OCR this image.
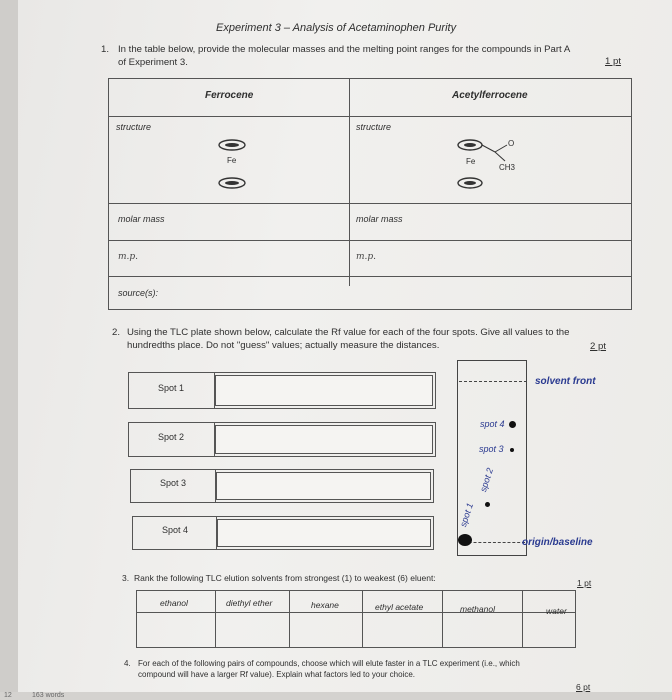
Experiment 3 – Analysis of Acetaminophen Purity
1. In the table below, provide the molecular masses and the melting point ranges for the compounds in Part A
of Experiment 3.	1 pt
Ferrocene	Acetylferrocene
structure	structure
Fe
O
Fe
CH3
molar mass	molar mass
m.p.	m.p.
source(s):
2. Using the TLC plate shown below, calculate the Rf value for each of the four spots. Give all values to the
hundredths place. Do not "guess" values; actually measure the distances.	2 pt
Spot 1
Spot 2
Spot 3
Spot 4
solvent front
origin/baseline
spot 4
spot 3
spot 2
spot 1
3. Rank the following TLC elution solvents from strongest (1) to weakest (6) eluent:	1 pt
ethanol	diethyl ether	hexane	ethyl acetate	methanol	water
4. For each of the following pairs of compounds, choose which will elute faster in a TLC experiment (i.e., which
compound will have a larger Rf value). Explain what factors led to your choice.
6 pt
12	163 words
